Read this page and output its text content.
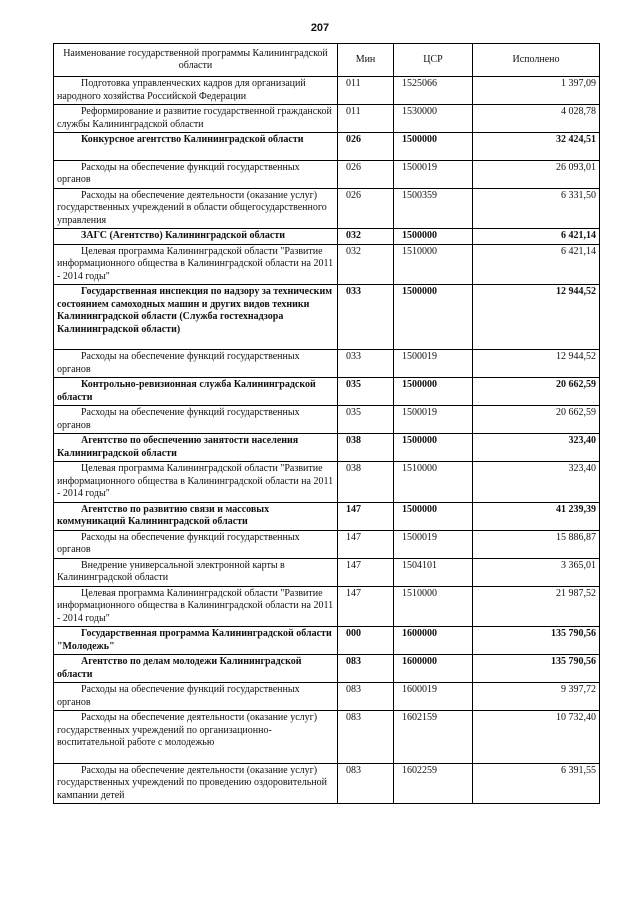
207
Наименование государственной программы Калининградской области	Мин	ЦСР	Исполнено
Подготовка управленческих кадров для организаций народного хозяйства Российской Федерации	011	1525066	1 397,09
Реформирование и развитие государственной гражданской службы Калининградской области	011	1530000	4 028,78
Конкурсное агентство Калининградской области	026	1500000	32 424,51
Расходы на обеспечение функций государственных органов	026	1500019	26 093,01
Расходы на обеспечение деятельности (оказание услуг) государственных учреждений в области общегосударственного управления	026	1500359	6 331,50
ЗАГС (Агентство) Калининградской области	032	1500000	6 421,14
Целевая программа Калининградской области "Развитие информационного общества в Калининградской области на 2011 - 2014 годы"	032	1510000	6 421,14
Государственная инспекция по надзору за техническим состоянием самоходных машин и других видов техники Калининградской области (Служба гостехнадзора Калининградской области)	033	1500000	12 944,52
Расходы на обеспечение функций государственных органов	033	1500019	12 944,52
Контрольно-ревизионная служба Калининградской области	035	1500000	20 662,59
Расходы на обеспечение функций государственных органов	035	1500019	20 662,59
Агентство по обеспечению занятости населения Калининградской области	038	1500000	323,40
Целевая программа Калининградской области "Развитие информационного общества в Калининградской области на 2011 - 2014 годы"	038	1510000	323,40
Агентство по развитию связи и массовых коммуникаций Калининградской области	147	1500000	41 239,39
Расходы на обеспечение функций государственных органов	147	1500019	15 886,87
Внедрение универсальной электронной карты в Калининградской области	147	1504101	3 365,01
Целевая программа Калининградской области "Развитие информационного общества в Калининградской области на 2011 - 2014 годы"	147	1510000	21 987,52
Государственная программа Калининградской области "Молодежь"	000	1600000	135 790,56
Агентство по делам молодежи Калининградской области	083	1600000	135 790,56
Расходы на обеспечение функций государственных органов	083	1600019	9 397,72
Расходы на обеспечение деятельности (оказание услуг) государственных учреждений по организационно-воспитательной работе с молодежью	083	1602159	10 732,40
Расходы на обеспечение деятельности (оказание услуг) государственных учреждений по проведению оздоровительной кампании детей	083	1602259	6 391,55
